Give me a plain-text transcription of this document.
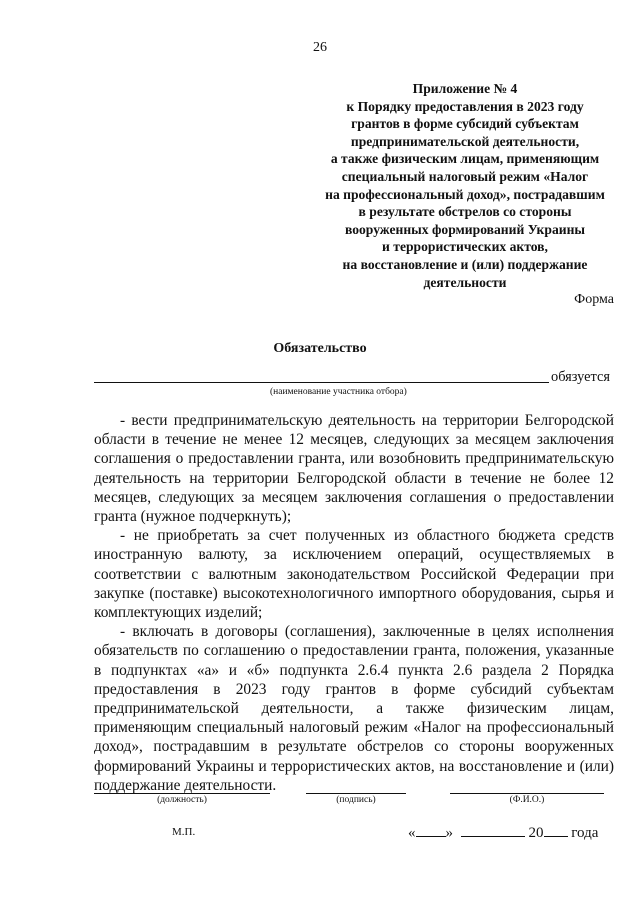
26
Приложение № 4
к Порядку предоставления в 2023 году
грантов в форме субсидий субъектам
предпринимательской деятельности,
а также физическим лицам, применяющим
специальный налоговый режим «Налог
на профессиональный доход», пострадавшим
в результате обстрелов со стороны
вооруженных формирований Украины
и террористических актов,
на восстановление и (или) поддержание
деятельности
Форма
Обязательство
обязуется
(наименование участника отбора)

- вести предпринимательскую деятельность на территории Белгородской области в течение не менее 12 месяцев, следующих за месяцем заключения соглашения о предоставлении гранта, или возобновить предпринимательскую деятельность на территории Белгородской области в течение не более 12 месяцев, следующих за месяцем заключения соглашения о предоставлении гранта (нужное подчеркнуть);

- не приобретать за счет полученных из областного бюджета средств иностранную валюту, за исключением операций, осуществляемых в соответствии с валютным законодательством Российской Федерации при закупке (поставке) высокотехнологичного импортного оборудования, сырья и комплектующих изделий;

- включать в договоры (соглашения), заключенные в целях исполнения обязательств по соглашению о предоставлении гранта, положения, указанные в подпунктах «а» и «б» подпункта 2.6.4 пункта 2.6 раздела 2 Порядка предоставления в 2023 году грантов в форме субсидий субъектам предпринимательской деятельности, а также физическим лицам, применяющим специальный налоговый режим «Налог на профессиональный доход», пострадавшим в результате обстрелов со стороны вооруженных формирований Украины и террористических актов, на восстановление и (или) поддержание деятельности.

(должность)	(подпись)	(Ф.И.О.)
М.П.	« »	20 года
